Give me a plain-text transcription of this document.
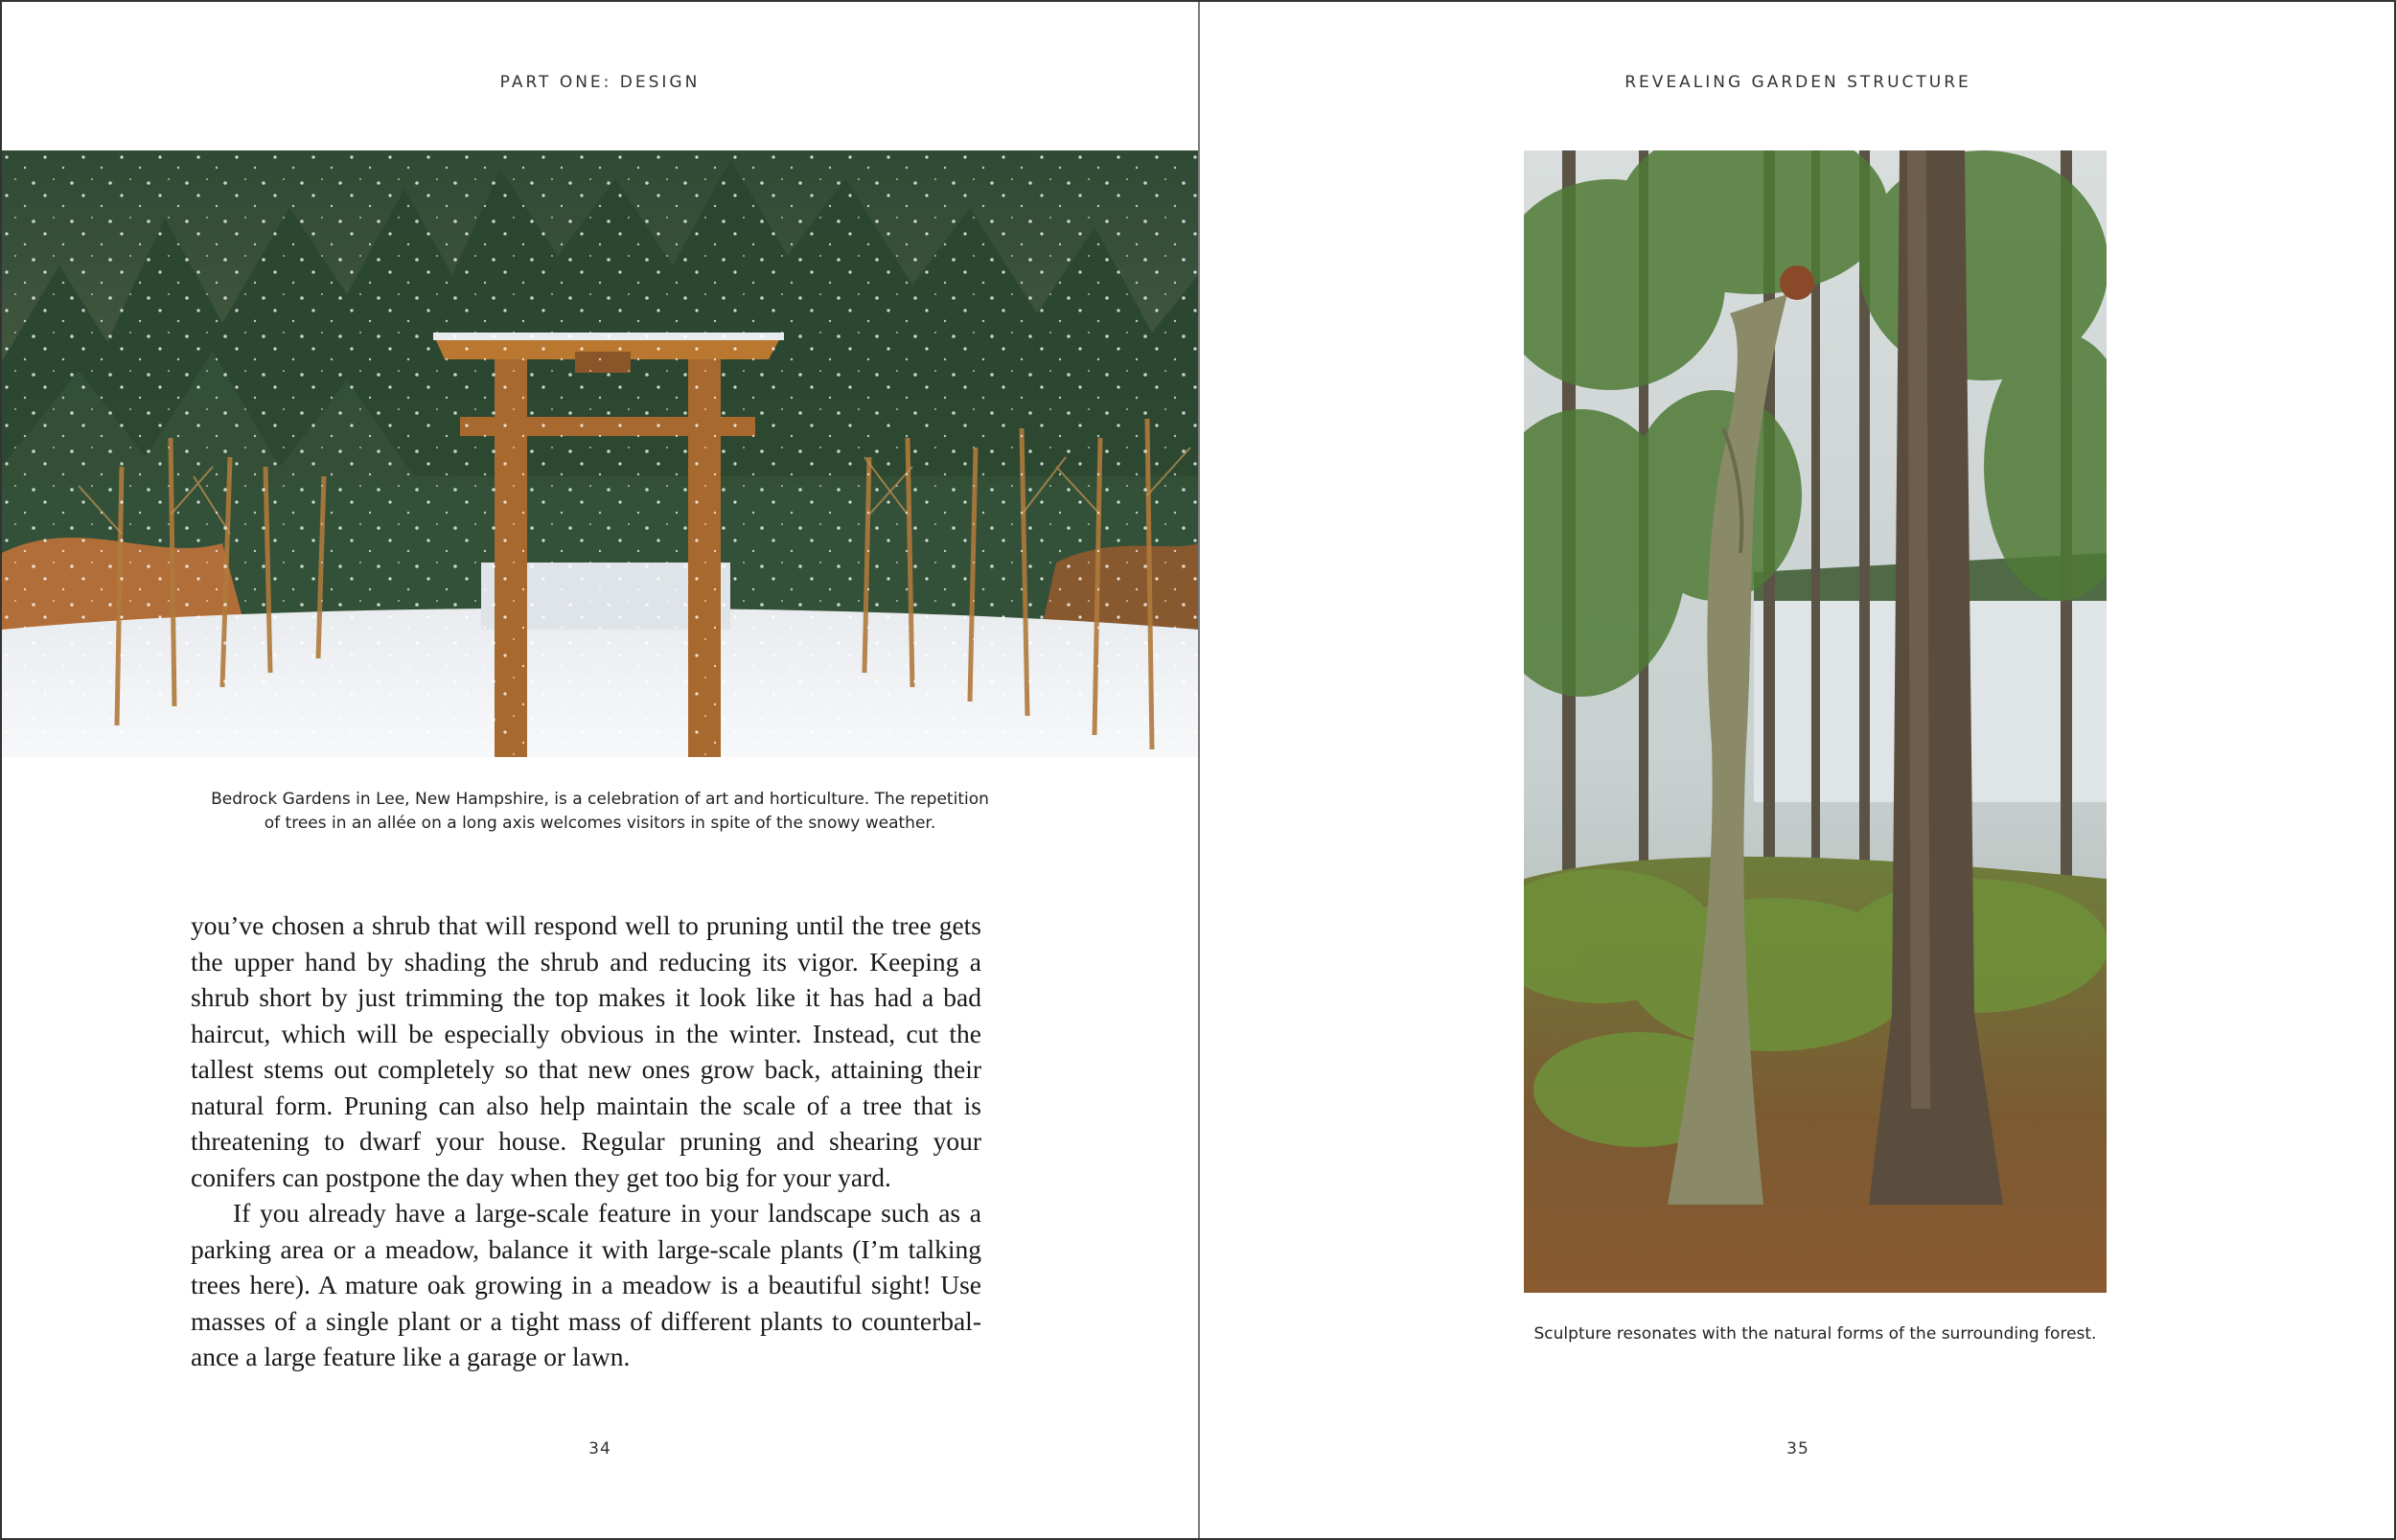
PART ONE: DESIGN
Bedrock Gardens in Lee, New Hampshire, is a celebration of art and horticulture. The repetition
of trees in an allée on a long axis welcomes visitors in spite of the snowy weather.

you’ve chosen a shrub that will respond well to pruning until the tree gets the upper hand by shading the shrub and reducing its vigor. Keeping a shrub short by just trimming the top makes it look like it has had a bad haircut, which will be especially obvious in the winter. Instead, cut the tallest stems out completely so that new ones grow back, attaining their natural form. Pruning can also help maintain the scale of a tree that is threatening to dwarf your house. Regular pruning and shearing your conifers can postpone the day when they get too big for your yard.

If you already have a large-scale feature in your landscape such as a parking area or a meadow, balance it with large-scale plants (I’m talking trees here). A mature oak growing in a meadow is a beautiful sight! Use masses of a single plant or a tight mass of different plants to counterbalance a large feature like a garage or lawn.

34
REVEALING GARDEN STRUCTURE
Sculpture resonates with the natural forms of the surrounding forest.
35
